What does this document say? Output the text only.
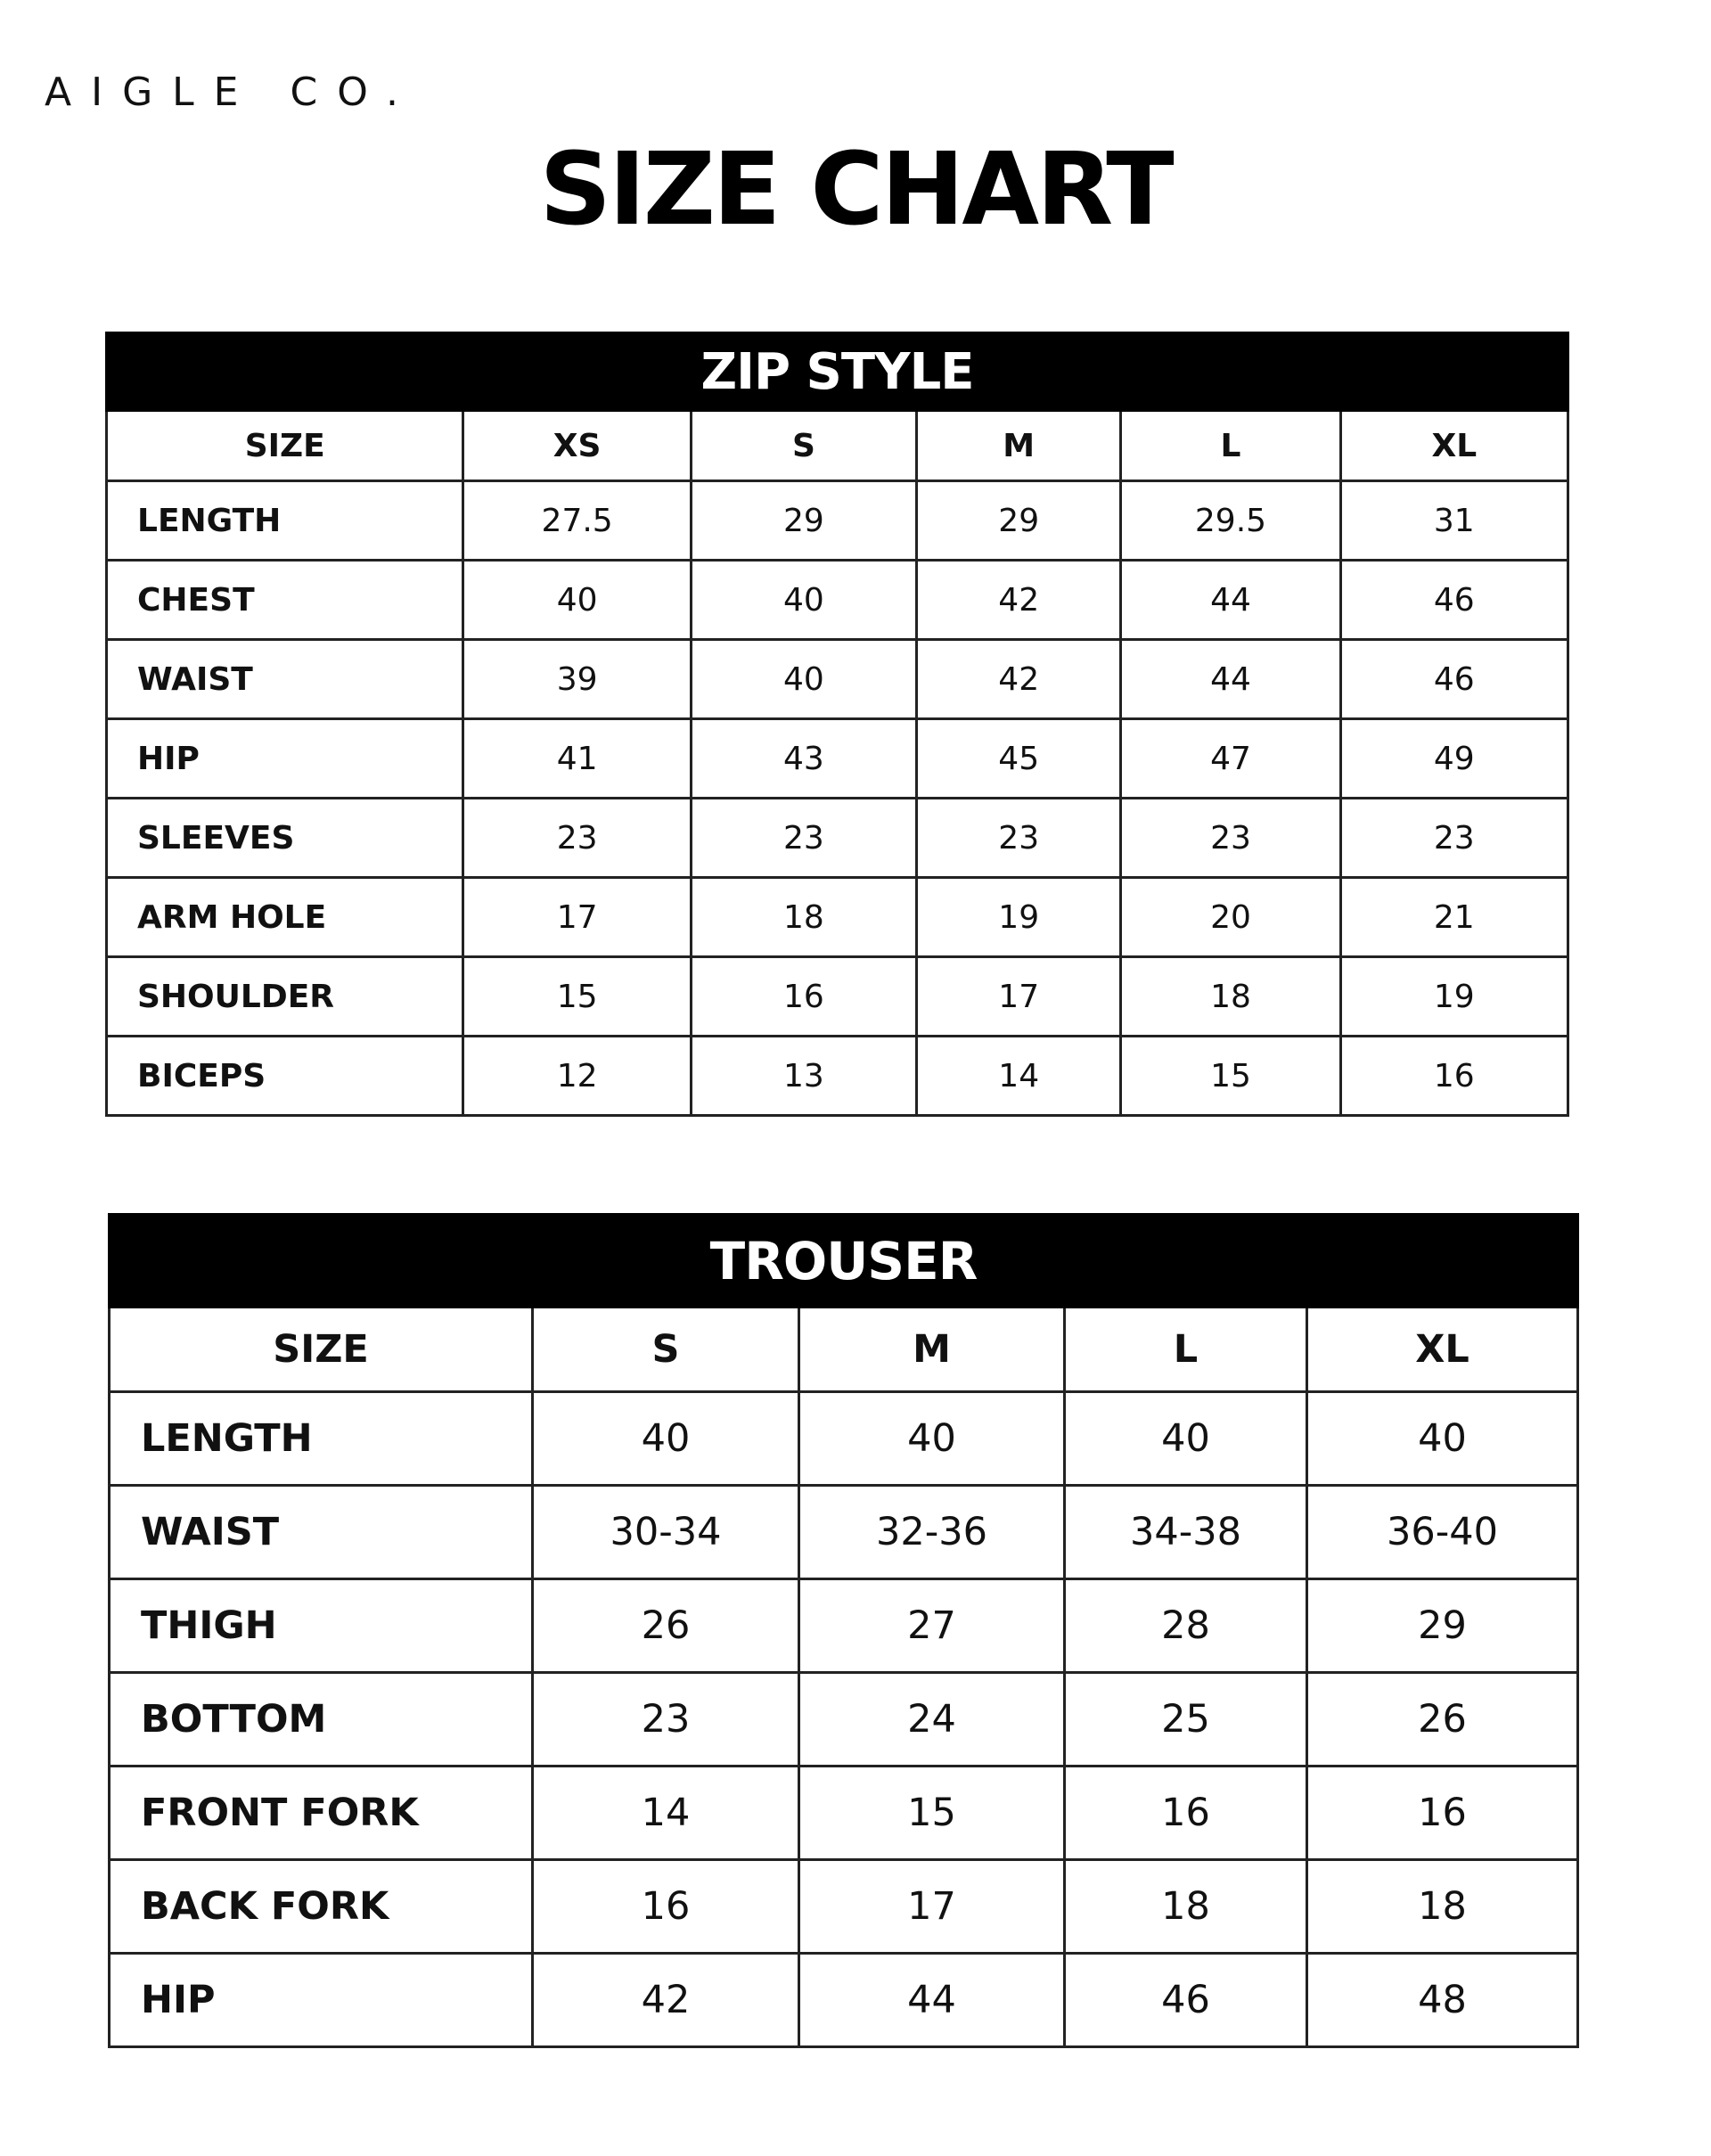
AIGLE CO.
SIZE CHART
ZIP STYLE					
SIZE	XS	S	M	L	XL
LENGTH	27.5	29	29	29.5	31
CHEST	40	40	42	44	46
WAIST	39	40	42	44	46
HIP	41	43	45	47	49
SLEEVES	23	23	23	23	23
ARM HOLE	17	18	19	20	21
SHOULDER	15	16	17	18	19
BICEPS	12	13	14	15	16
TROUSER				
SIZE	S	M	L	XL
LENGTH	40	40	40	40
WAIST	30-34	32-36	34-38	36-40
THIGH	26	27	28	29
BOTTOM	23	24	25	26
FRONT FORK	14	15	16	16
BACK FORK	16	17	18	18
HIP	42	44	46	48
